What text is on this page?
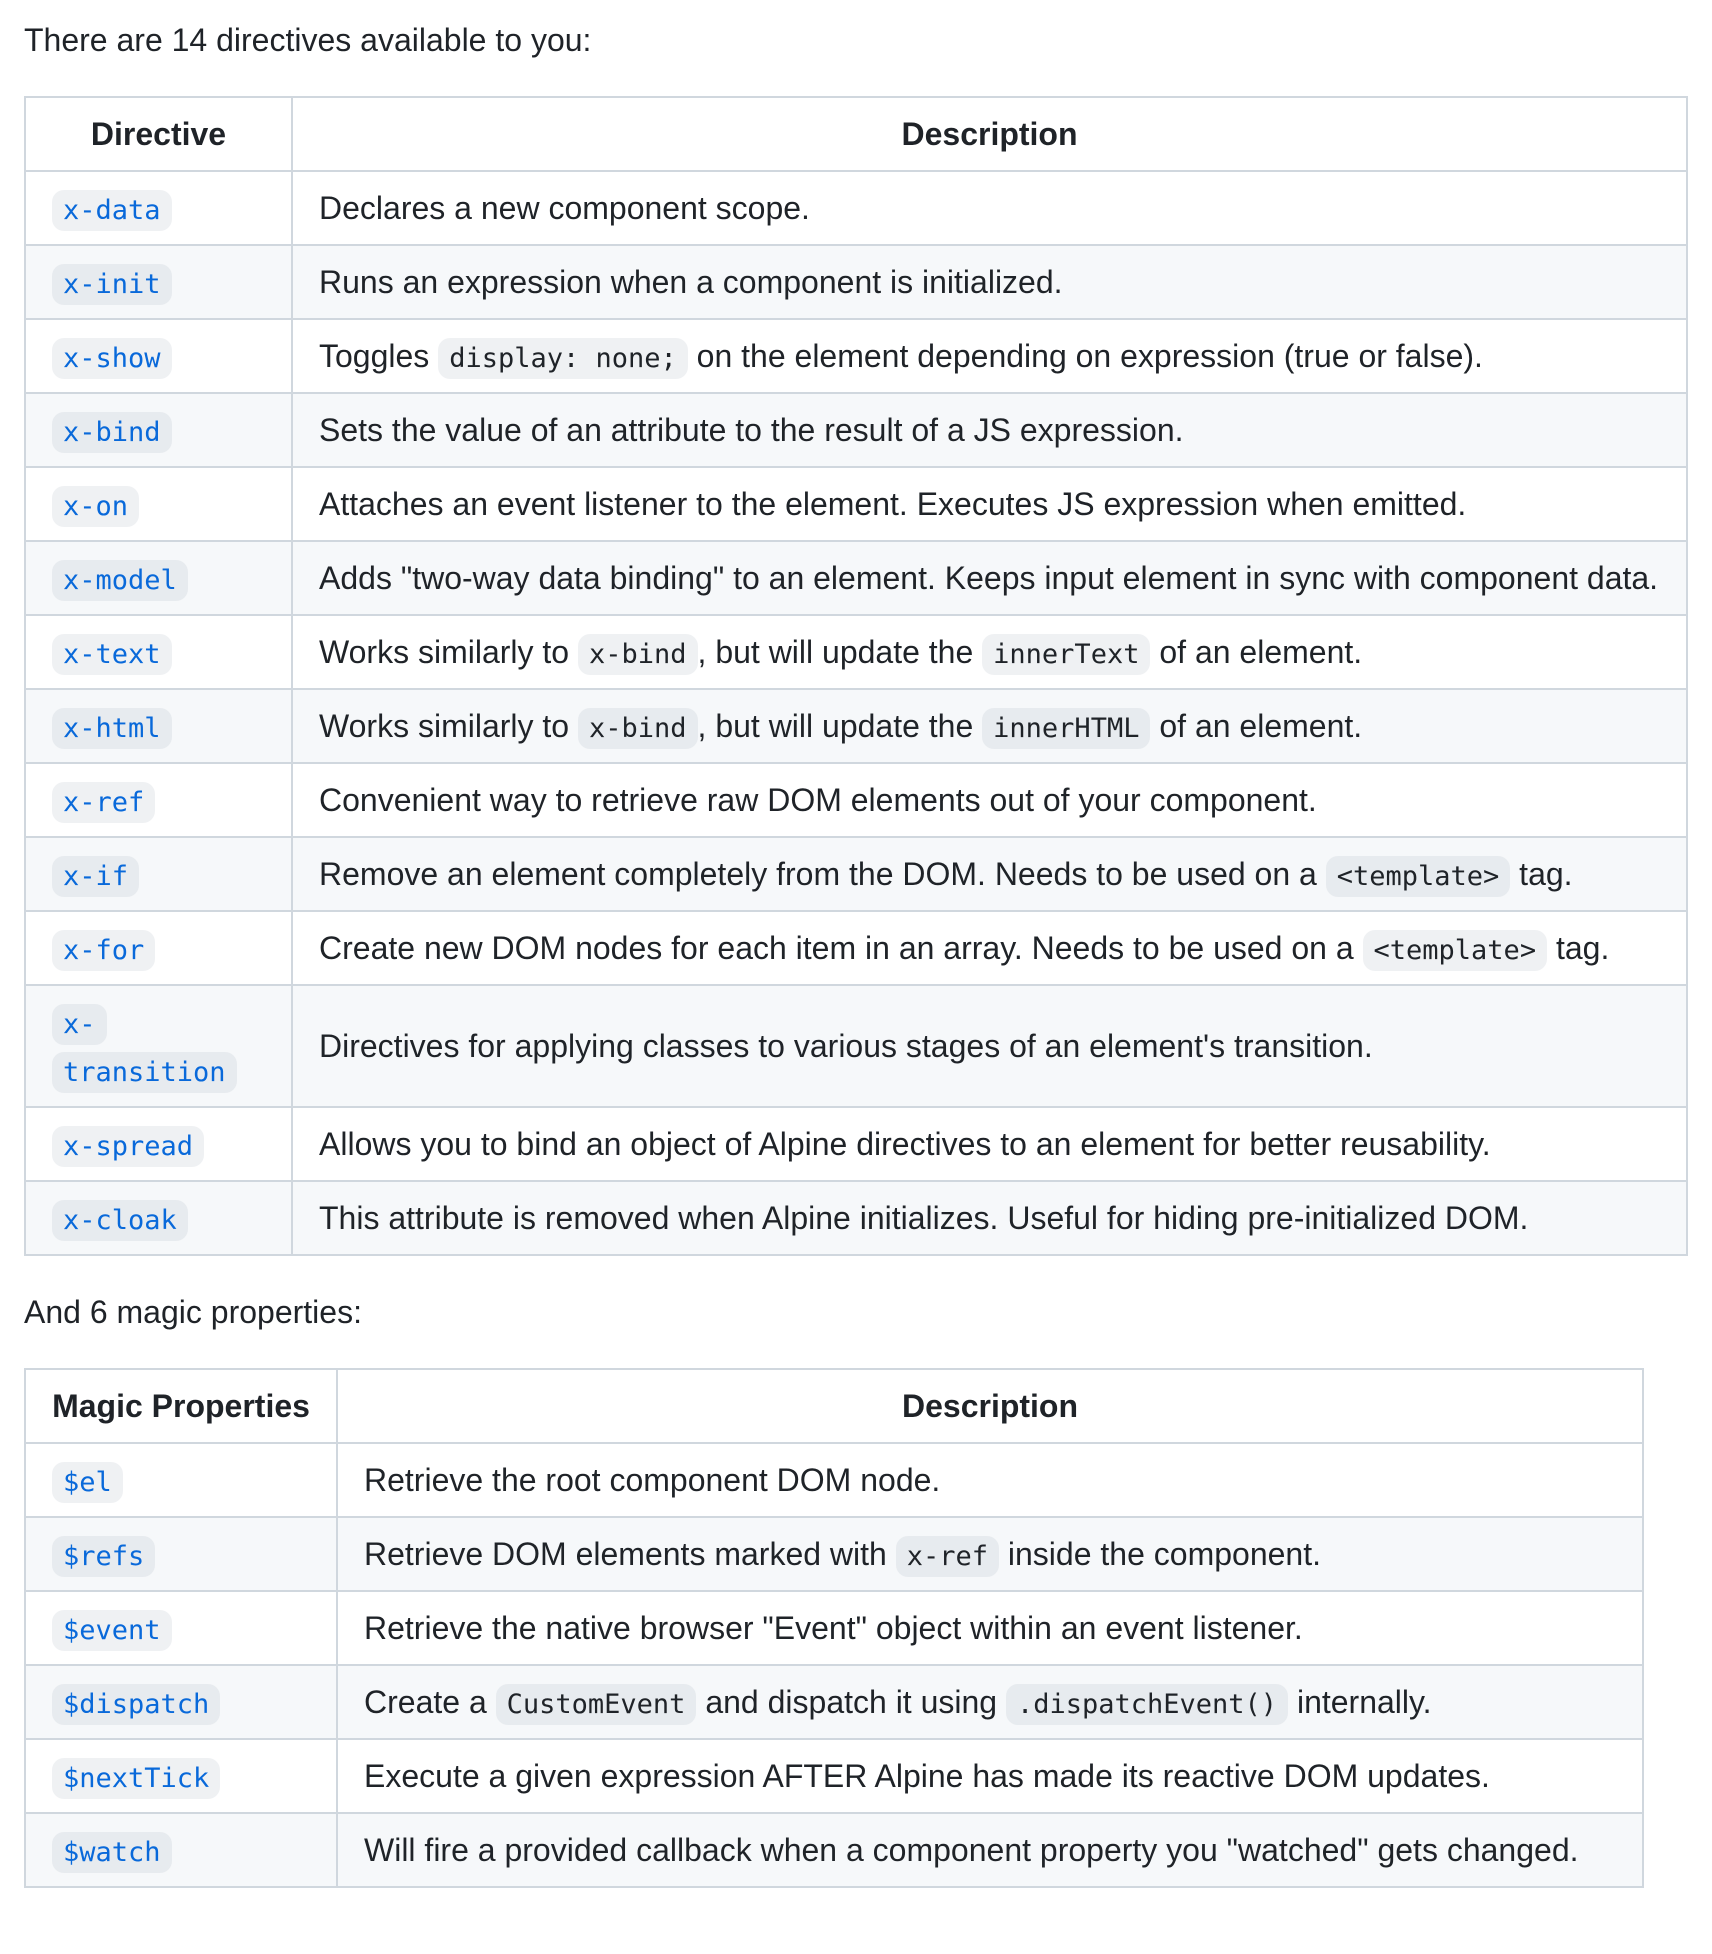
There are 14 directives available to you:

Directive	Description
x-data	Declares a new component scope.
x-init	Runs an expression when a component is initialized.
x-show	Toggles display: none; on the element depending on expression (true or false).
x-bind	Sets the value of an attribute to the result of a JS expression.
x-on	Attaches an event listener to the element. Executes JS expression when emitted.
x-model	Adds "two-way data binding" to an element. Keeps input element in sync with component data.
x-text	Works similarly to x-bind , but will update the innerText of an element.
x-html	Works similarly to x-bind , but will update the innerHTML of an element.
x-ref	Convenient way to retrieve raw DOM elements out of your component.
x-if	Remove an element completely from the DOM. Needs to be used on a <template> tag.
x-for	Create new DOM nodes for each item in an array. Needs to be used on a <template> tag.
x-transition	Directives for applying classes to various stages of an element's transition.
x-spread	Allows you to bind an object of Alpine directives to an element for better reusability.
x-cloak	This attribute is removed when Alpine initializes. Useful for hiding pre-initialized DOM.

And 6 magic properties:

Magic Properties	Description
$el	Retrieve the root component DOM node.
$refs	Retrieve DOM elements marked with x-ref inside the component.
$event	Retrieve the native browser "Event" object within an event listener.
$dispatch	Create a CustomEvent and dispatch it using .dispatchEvent() internally.
$nextTick	Execute a given expression AFTER Alpine has made its reactive DOM updates.
$watch	Will fire a provided callback when a component property you "watched" gets changed.
